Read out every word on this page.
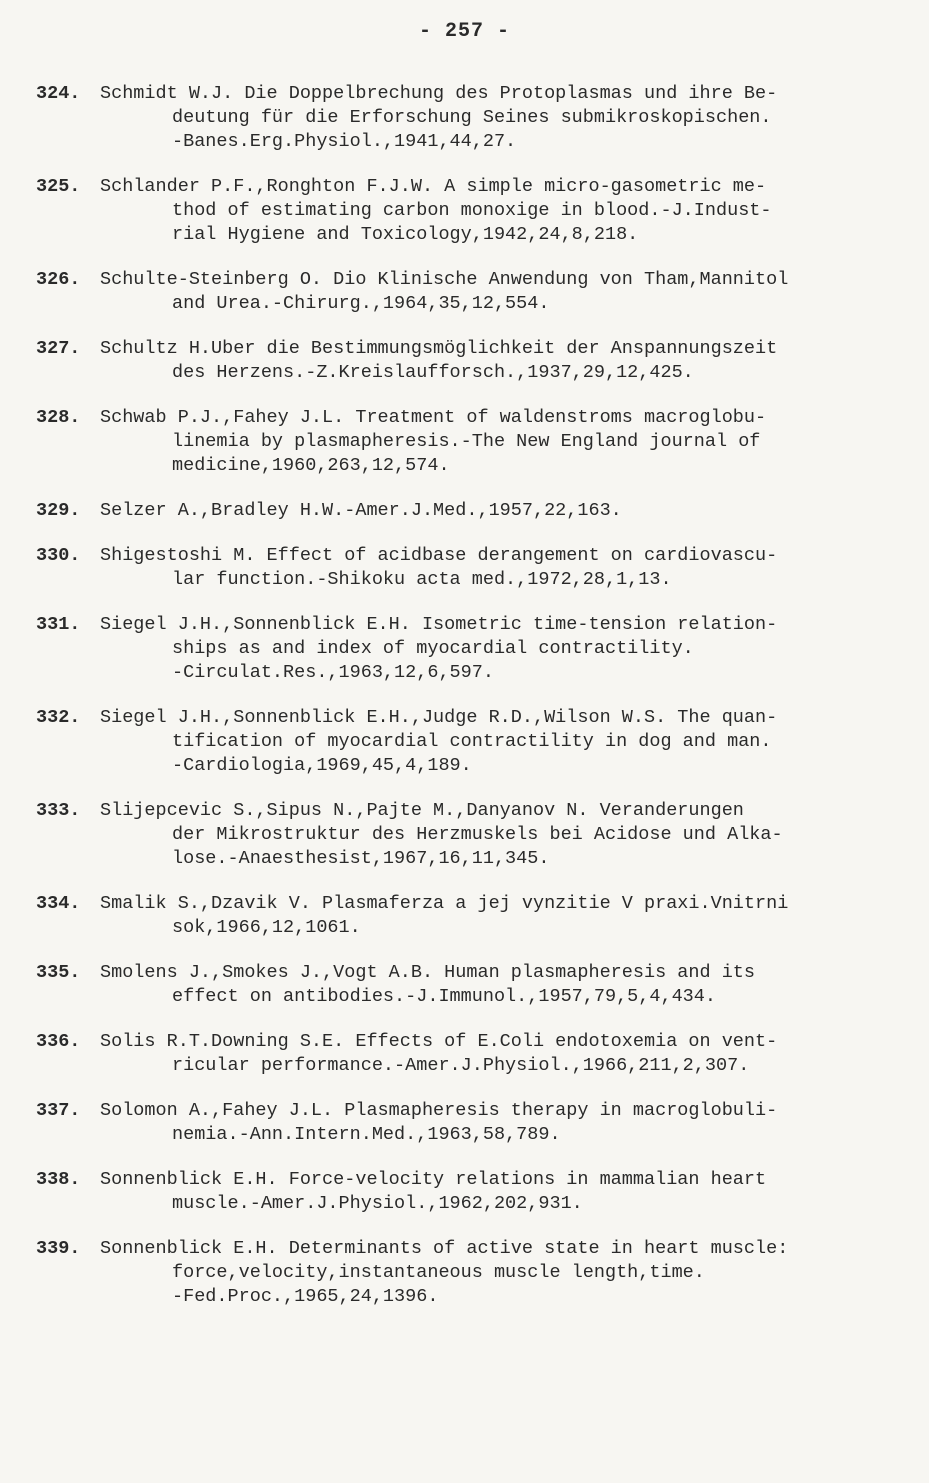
- 257 -
324.	Schmidt W.J. Die Doppelbrechung des Protoplasmas und ihre Be-
deutung für die Erforschung Seines submikroskopischen.
-Banes.Erg.Physiol.,1941,44,27.
325.	Schlander P.F.,Ronghton F.J.W. A simple micro-gasometric me-
thod of estimating carbon monoxige in blood.-J.Indust-
rial Hygiene and Toxicology,1942,24,8,218.
326.	Schulte-Steinberg O. Dio Klinische Anwendung von Tham,Mannitol
and Urea.-Chirurg.,1964,35,12,554.
327.	Schultz H.Uber die Bestimmungsmöglichkeit der Anspannungszeit
des Herzens.-Z.Kreislaufforsch.,1937,29,12,425.
328.	Schwab P.J.,Fahey J.L. Treatment of waldenstroms macroglobu-
linemia by plasmapheresis.-The New England journal of
medicine,1960,263,12,574.
329.	Selzer A.,Bradley H.W.-Amer.J.Med.,1957,22,163.
330.	Shigestoshi M. Effect of acidbase derangement on cardiovascu-
lar function.-Shikoku acta med.,1972,28,1,13.
331.	Siegel J.H.,Sonnenblick E.H. Isometric time-tension relation-
ships as and index of myocardial contractility.
-Circulat.Res.,1963,12,6,597.
332.	Siegel J.H.,Sonnenblick E.H.,Judge R.D.,Wilson W.S. The quan-
tification of myocardial contractility in dog and man.
-Cardiologia,1969,45,4,189.
333.	Slijepcevic S.,Sipus N.,Pajte M.,Danyanov N. Veranderungen
der Mikrostruktur des Herzmuskels bei Acidose und Alka-
lose.-Anaesthesist,1967,16,11,345.
334.	Smalik S.,Dzavik V. Plasmaferza a jej vynzitie V praxi.Vnitrni
sok,1966,12,1061.
335.	Smolens J.,Smokes J.,Vogt A.B. Human plasmapheresis and its
effect on antibodies.-J.Immunol.,1957,79,5,4,434.
336.	Solis R.T.Downing S.E. Effects of E.Coli endotoxemia on vent-
ricular performance.-Amer.J.Physiol.,1966,211,2,307.
337.	Solomon A.,Fahey J.L. Plasmapheresis therapy in macroglobuli-
nemia.-Ann.Intern.Med.,1963,58,789.
338.	Sonnenblick E.H. Force-velocity relations in mammalian heart
muscle.-Amer.J.Physiol.,1962,202,931.
339.	Sonnenblick E.H. Determinants of active state in heart muscle:
force,velocity,instantaneous muscle length,time.
-Fed.Proc.,1965,24,1396.
